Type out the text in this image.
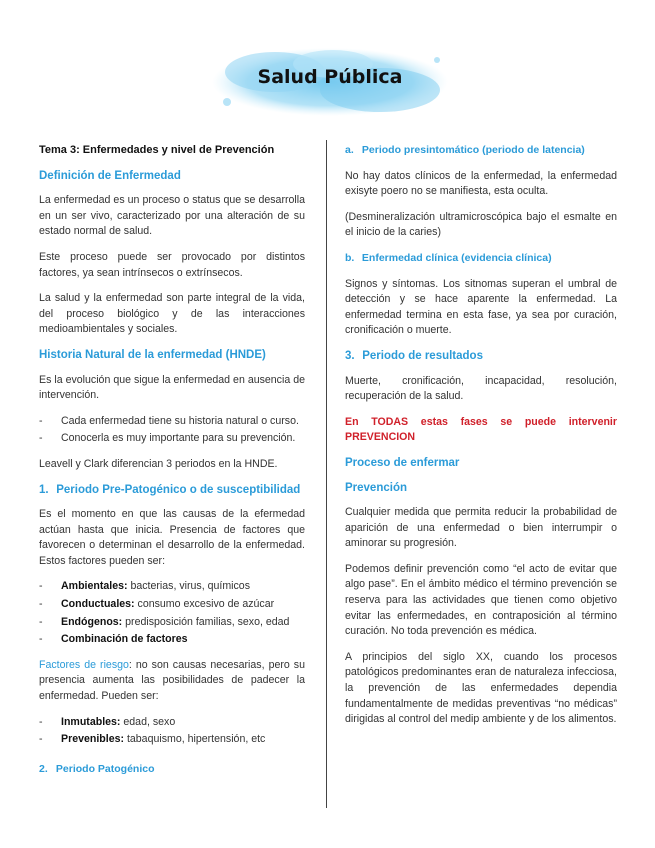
Salud Pública
Tema 3: Enfermedades y nivel de Prevención
Definición de Enfermedad

La enfermedad es un proceso o status que se desarrolla en un ser vivo, caracterizado por una alteración de su estado normal de salud.

Este proceso puede ser provocado por distintos factores, ya sean intrínsecos o extrínsecos.

La salud y la enfermedad son parte integral de la vida, del proceso biológico y de las interacciones medioambientales y sociales.

Historia Natural de la enfermedad (HNDE)

Es la evolución que sigue la enfermedad en ausencia de intervención.

- Cada enfermedad tiene su historia natural o curso.
- Conocerla es muy importante para su prevención.

Leavell y Clark diferencian 3 periodos en la HNDE.

1. Periodo Pre-Patogénico o de susceptibilidad

Es el momento en que las causas de la efermedad actúan hasta que inicia. Presencia de factores que favorecen o determinan el desarrollo de la enfermedad. Estos factores pueden ser:

- Ambientales: bacterias, virus, químicos
- Conductuales: consumo excesivo de azúcar
- Endógenos: predisposición familias, sexo, edad
- Combinación de factores

Factores de riesgo: no son causas necesarias, pero su presencia aumenta las posibilidades de padecer la enfermedad. Pueden ser:

- Inmutables: edad, sexo
- Prevenibles: tabaquismo, hipertensión, etc
2. Periodo Patogénico
a. Periodo presintomático (periodo de latencia)

No hay datos clínicos de la enfermedad, la enfermedad exisyte poero no se manifiesta, esta oculta.

(Desmineralización ultramicroscópica bajo el esmalte en el inicio de la caries)

b. Enfermedad clínica (evidencia clínica)

Signos y síntomas. Los sitnomas superan el umbral de detección y se hace aparente la enfermedad. La enfermedad termina en esta fase, ya sea por curación, cronificación o muerte.

3. Periodo de resultados

Muerte, cronificación, incapacidad, resolución, recuperación de la salud.

En TODAS estas fases se puede intervenir PREVENCION

Proceso de enfermar
Prevención

Cualquier medida que permita reducir la probabilidad de aparición de una enfermedad o bien interrumpir o aminorar su progresión.

Podemos definir prevención como “el acto de evitar que algo pase”. En el ámbito médico el término prevención se reserva para las actividades que tienen como objetivo evitar las enfermedades, en contraposición al término curación. No toda prevención es médica.

A principios del siglo XX, cuando los procesos patológicos predominantes eran de naturaleza infecciosa, la prevención de las enfermedades dependia fundamentalmente de medidas preventivas “no médicas” dirigidas al control del medip ambiente y de los alimentos.
